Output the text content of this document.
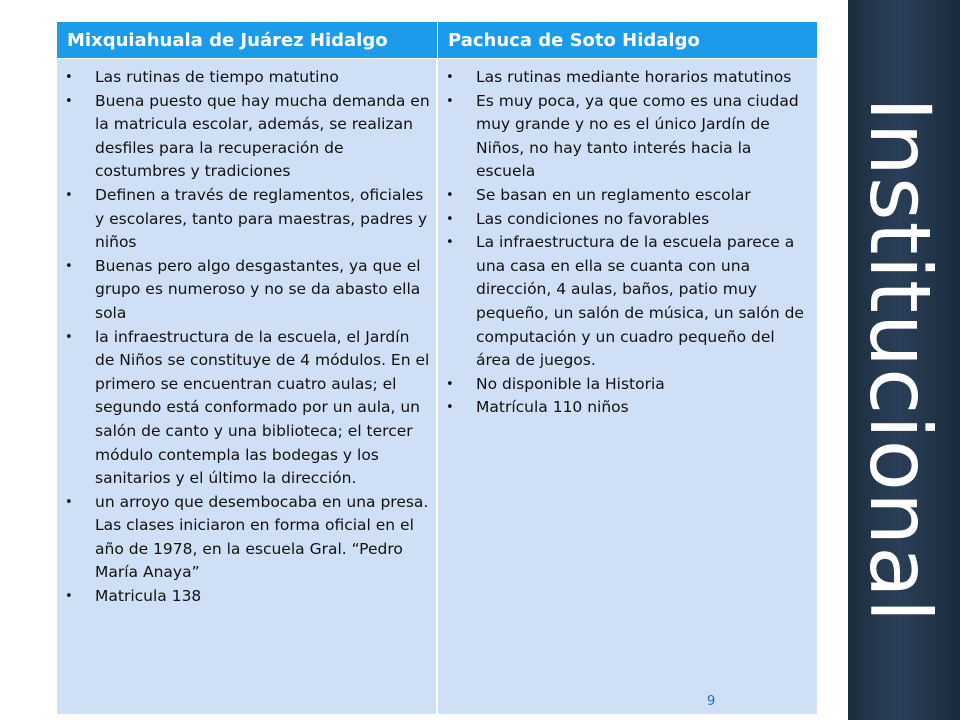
Mixquiahuala de Juárez Hidalgo	Pachuca de Soto Hidalgo
• Las rutinas de tiempo matutino
• Buena puesto que hay mucha demanda en la matricula escolar, además, se realizan desfiles para la recuperación de costumbres y tradiciones
• Definen a través de reglamentos, oficiales y escolares, tanto para maestras, padres y niños
• Buenas pero algo desgastantes, ya que el grupo es numeroso y no se da abasto ella sola
• la infraestructura de la escuela, el Jardín de Niños se constituye de 4 módulos. En el primero se encuentran cuatro aulas; el segundo está conformado por un aula, un salón de canto y una biblioteca; el tercer módulo contempla las bodegas y los sanitarios y el último la dirección.
• un arroyo que desembocaba en una presa. Las clases iniciaron en forma oficial en el año de 1978, en la escuela Gral. “Pedro María Anaya”
• Matricula 138
• Las rutinas mediante horarios matutinos
• Es muy poca, ya que como es una ciudad muy grande y no es el único Jardín de Niños, no hay tanto interés hacia la escuela
• Se basan en un reglamento escolar
• Las condiciones no favorables
• La infraestructura de la escuela parece a una casa en ella se cuanta con una dirección, 4 aulas, baños, patio muy pequeño, un salón de música, un salón de computación y un cuadro pequeño del área de juegos.
• No disponible la Historia
• Matrícula 110 niños
9
Institucional
